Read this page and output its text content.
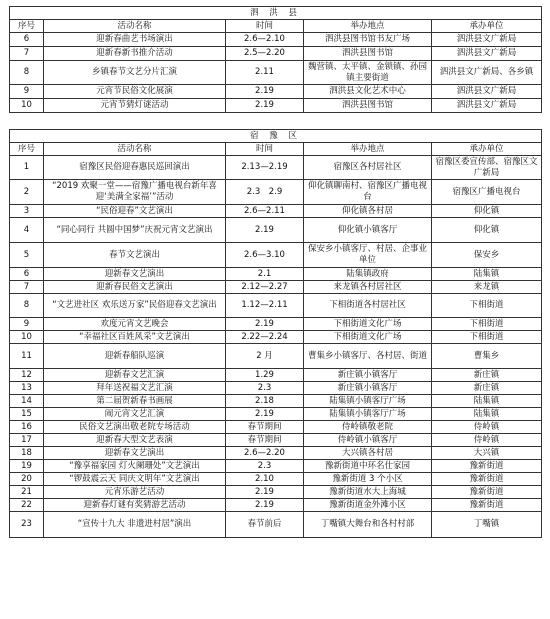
泗 洪 县				
序号	活动名称	时间	举办地点	承办单位
6	迎新春曲艺书场演出	2.6—2.10	泗洪县图书馆书友广场	泗洪县文广新局
7	迎新春新书推介活动	2.5—2.20	泗洪县图书馆	泗洪县文广新局
8	乡镇春节文艺分片汇演	2.11	魏营镇、太平镇、金锁镇、孙园镇主要街道	泗洪县文广新局、各乡镇
9	元宵节民俗文化展演	2.19	泗洪县文化艺术中心	泗洪县文广新局
10	元宵节猜灯谜活动	2.19	泗洪县图书馆	泗洪县文广新局
宿 豫 区				
序号	活动名称	时间	举办地点	承办单位
1	宿豫区民俗迎春惠民巡回演出	2.13—2.19	宿豫区各村居社区	宿豫区委宣传部、宿豫区文广新局
2	“2019 欢聚一堂——宿豫广播电视台新年喜迎‘美满全家福’”活动	2.3　2.9	仰化镇聊南村、宿豫区广播电视台	宿豫区广播电视台
3	“民俗迎春”文艺演出	2.6—2.11	仰化镇各村居	仰化镇
4	“同心同行 共圆中国梦”庆祝元宵文艺演出	2.19	仰化镇小镇客厅	仰化镇
5	春节文艺演出	2.6—3.10	保安乡小镇客厅、村居、企事业单位	保安乡
6	迎新春文艺演出	2.1	陆集镇政府	陆集镇
7	迎新春民俗文艺演出	2.12—2.27	来龙镇各村居社区	来龙镇
8	“文艺进社区 欢乐送万家”民俗迎春文艺演出	1.12—2.11	下相街道各村居社区	下相街道
9	欢度元宵文艺晚会	2.19	下相街道文化广场	下相街道
10	“幸福社区百姓风采”文艺演出	2.22—2.24	下相街道文化广场	下相街道
11	迎新春船队巡演	2 月	曹集乡小镇客厅、各村居、街道	曹集乡
12	迎新春文艺汇演	1.29	新庄镇小镇客厅	新庄镇
13	拜年送祝福文艺汇演	2.3	新庄镇小镇客厅	新庄镇
14	第二届贺新春书画展	2.18	陆集镇小镇客厅广场	陆集镇
15	闹元宵文艺汇演	2.19	陆集镇小镇客厅广场	陆集镇
16	民俗文艺演出敬老院专场活动	春节期间	侍岭镇敬老院	侍岭镇
17	迎新春大型文艺表演	春节期间	侍岭镇小镇客厅	侍岭镇
18	迎新春文艺演出	2.6—2.20	大兴镇各村居	大兴镇
19	“豫享福家园 灯火阑珊处”文艺演出	2.3	豫新街道中环名仕家园	豫新街道
20	“锣鼓震云天 同庆文明年”文艺演出	2.10	豫新街道 3 个小区	豫新街道
21	元宵乐游艺活动	2.19	豫新街道水大上海城	豫新街道
22	迎新春灯谜有奖猜游艺活动	2.19	豫新街道金外滩小区	豫新街道
23	“宣传十九大 非遗进村居”演出	春节前后	丁嘴镇大舞台和各村村部	丁嘴镇
